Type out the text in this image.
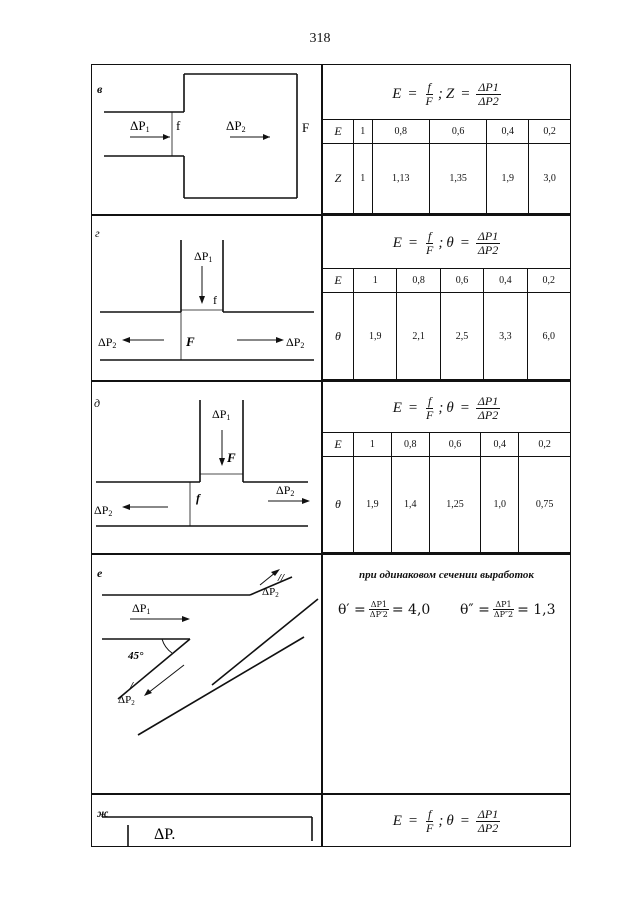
318
в
ΔP1 f	ΔP2	F
$E = \frac{f}{F}$ ; $Z = \frac{\Delta P1}{\Delta P2}$
E	1	0,8	0,6	0,4	0,2
Z	1	1,13	1,35	1,9	3,0
г
ΔP1
f
ΔP2	F	ΔP2
$E = \frac{f}{F}$ ; $\theta = \frac{\Delta P1}{\Delta P2}$
E	1	0,8	0,6	0,4	0,2
θ	1,9	2,1	2,5	3,3	6,0
д
ΔP1
F
f
ΔP2
ΔP2
$E = \frac{f}{F}$ ; $\theta = \frac{\Delta P1}{\Delta P2}$
E	1	0,8	0,6	0,4	0,2
θ	1,9	1,4	1,25	1,0	0,75
е
ΔP1
45°
ΔP2
//
ΔP2
/
при одинаковом сечении выработок
$\theta' = \frac{\Delta P1}{\Delta P'2} = 4,0$ $\theta'' = \frac{\Delta P1}{\Delta P''2} = 1,3$
ж
ΔP.
$E = \frac{f}{F}$ ; $\theta = \frac{\Delta P1}{\Delta P2}$
